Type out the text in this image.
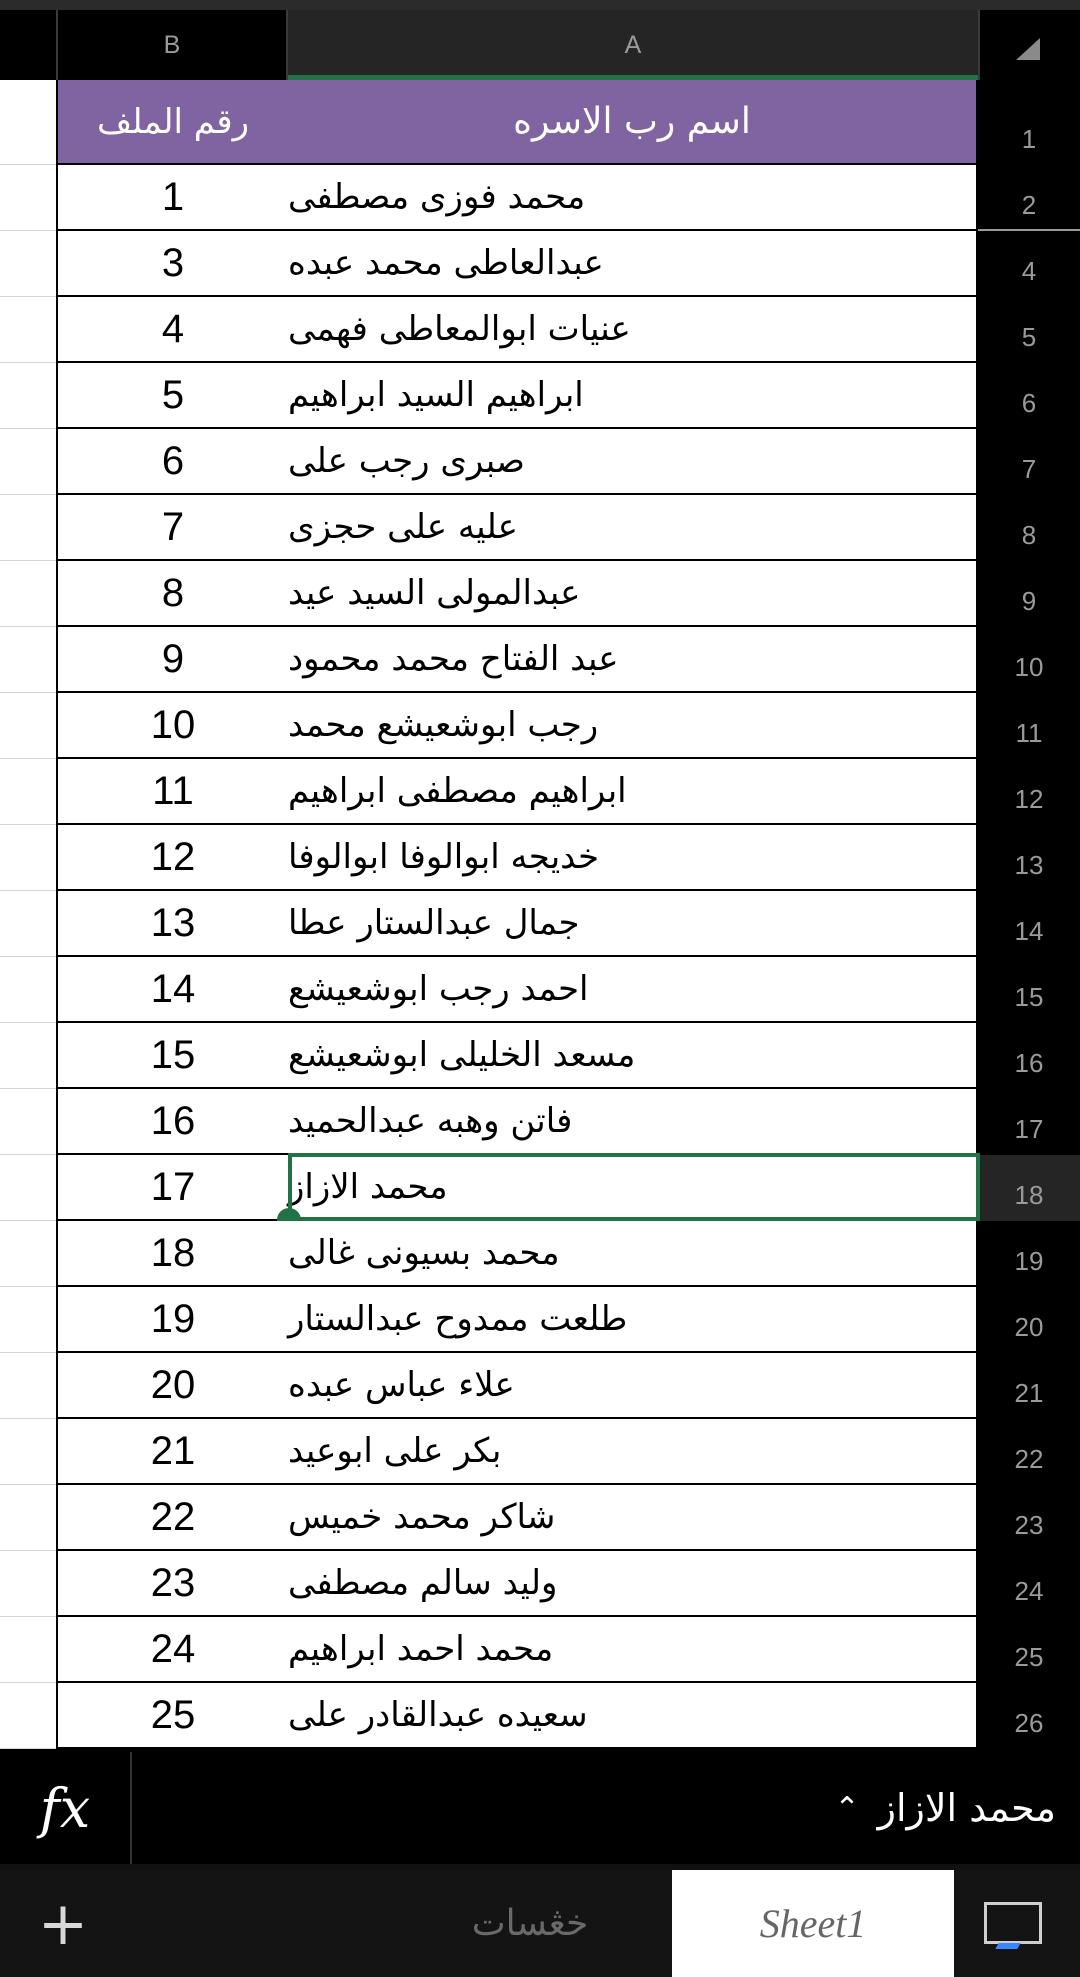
B	A
رقم الملف	اسم رب الاسره	1
1	محمد فوزى مصطفى	2
3	عبدالعاطى محمد عبده	4
4	عنيات ابوالمعاطى فهمى	5
5	ابراهيم السيد ابراهيم	6
6	صبرى رجب على	7
7	عليه على حجزى	8
8	عبدالمولى السيد عيد	9
9	عبد الفتاح محمد محمود	10
10	رجب ابوشعيشع محمد	11
11	ابراهيم مصطفى ابراهيم	12
12	خديجه ابوالوفا ابوالوفا	13
13	جمال عبدالستار عطا	14
14	احمد رجب ابوشعيشع	15
15	مسعد الخليلى ابوشعيشع	16
16	فاتن وهبه عبدالحميد	17
17	محمد الازاز	18
18	محمد بسيونى غالى	19
19	طلعت ممدوح عبدالستار	20
20	علاء عباس عبده	21
21	بكر على ابوعيد	22
22	شاكر محمد خميس	23
23	وليد سالم مصطفى	24
24	محمد احمد ابراهيم	25
25	سعيده عبدالقادر على	26
fx	محمد الازاز
⌃
+	خڠسات	Sheet1
